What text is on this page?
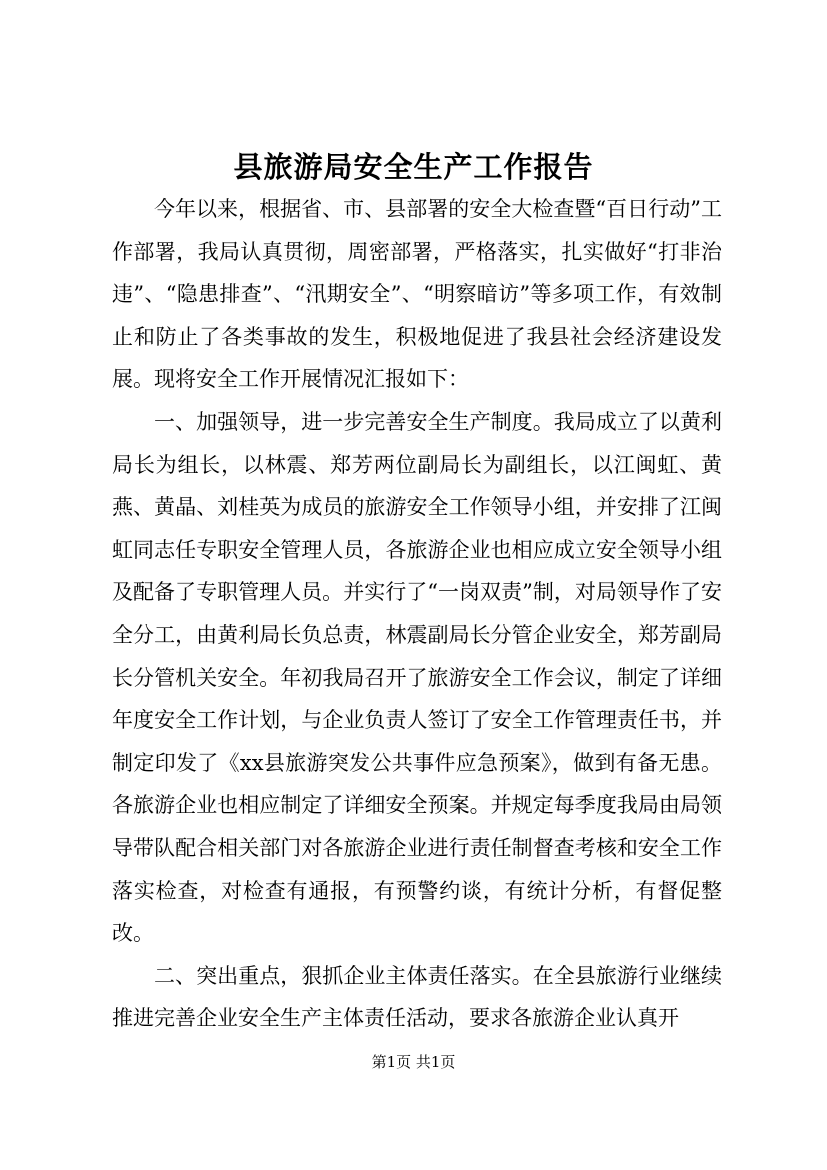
县旅游局安全生产工作报告

今年以来，根据省、市、县部署的安全大检查暨“百日行动”工作部署，我局认真贯彻，周密部署，严格落实，扎实做好“打非治违”、“隐患排查”、“汛期安全”、“明察暗访”等多项工作，有效制止和防止了各类事故的发生，积极地促进了我县社会经济建设发展。现将安全工作开展情况汇报如下：

一、加强领导，进一步完善安全生产制度。我局成立了以黄利局长为组长，以林震、郑芳两位副局长为副组长，以江闽虹、黄燕、黄晶、刘桂英为成员的旅游安全工作领导小组，并安排了江闽虹同志任专职安全管理人员，各旅游企业也相应成立安全领导小组及配备了专职管理人员。并实行了“一岗双责”制，对局领导作了安全分工，由黄利局长负总责，林震副局长分管企业安全，郑芳副局长分管机关安全。年初我局召开了旅游安全工作会议，制定了详细年度安全工作计划，与企业负责人签订了安全工作管理责任书，并制定印发了《xx县旅游突发公共事件应急预案》，做到有备无患。各旅游企业也相应制定了详细安全预案。并规定每季度我局由局领导带队配合相关部门对各旅游企业进行责任制督查考核和安全工作落实检查，对检查有通报，有预警约谈，有统计分析，有督促整改。

二、突出重点，狠抓企业主体责任落实。在全县旅游行业继续推进完善企业安全生产主体责任活动，要求各旅游企业认真开

第1页 共1页
